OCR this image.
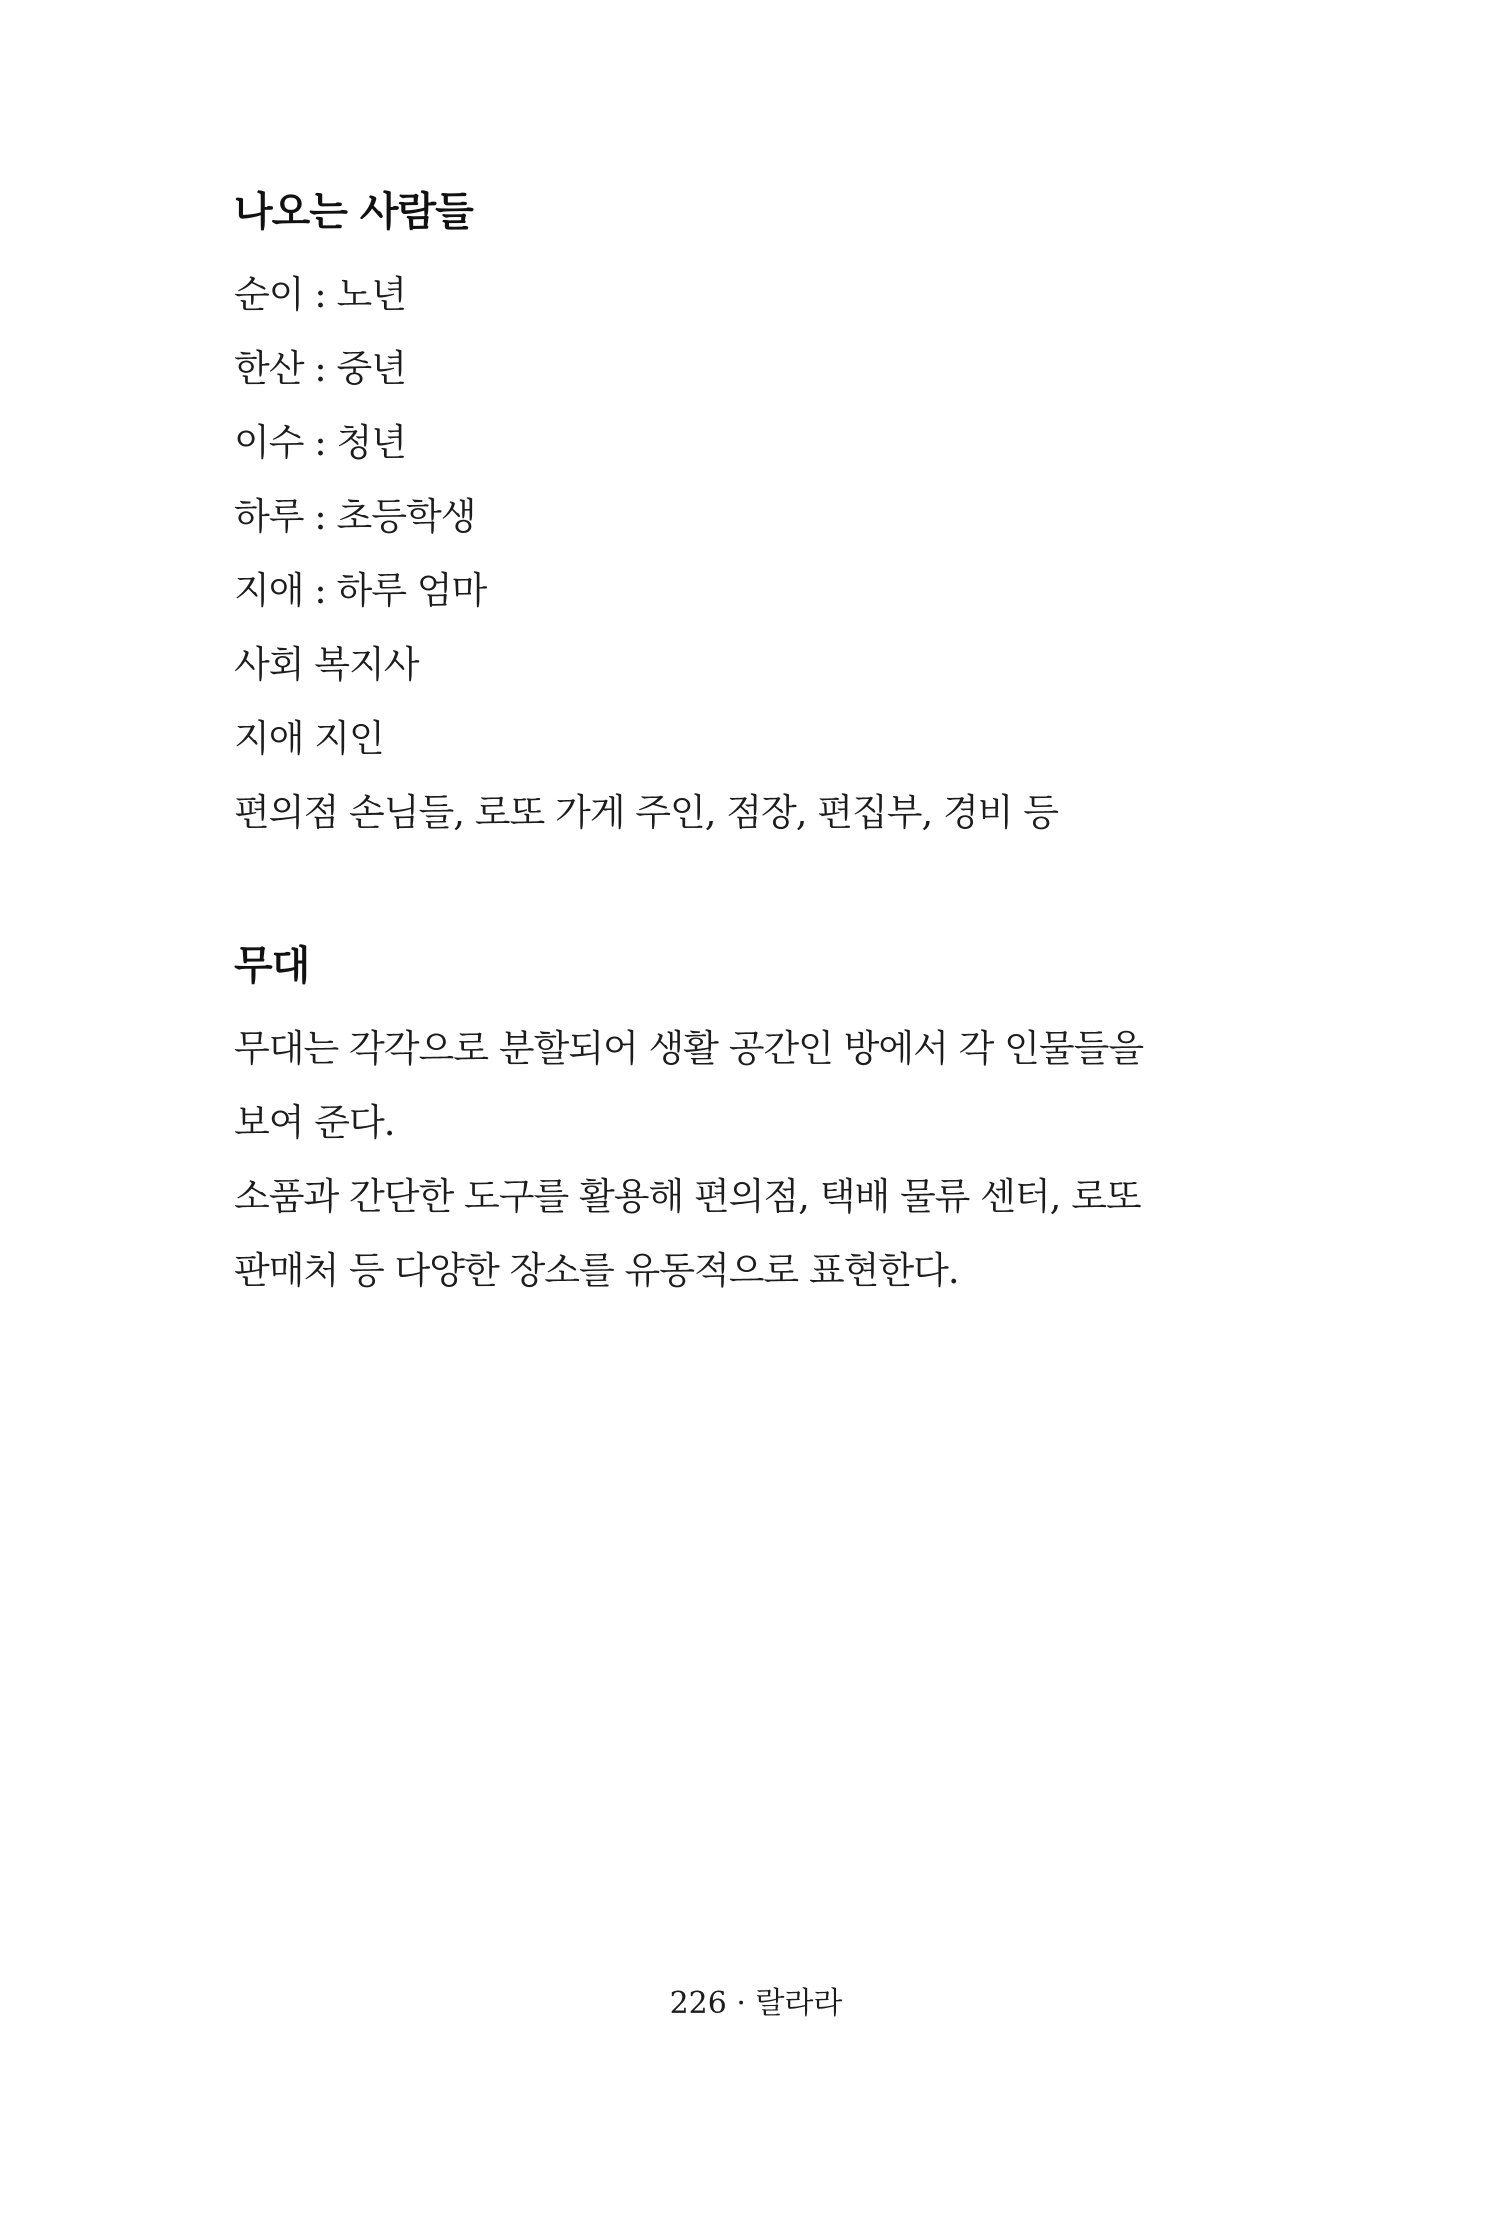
나오는 사람들

순이 : 노년

한산 : 중년

이수 : 청년

하루 : 초등학생

지애 : 하루 엄마

사회 복지사

지애 지인

편의점 손님들, 로또 가게 주인, 점장, 편집부, 경비 등

무대

무대는 각각으로 분할되어 생활 공간인 방에서 각 인물들을

보여 준다.

소품과 간단한 도구를 활용해 편의점, 택배 물류 센터, 로또

판매처 등 다양한 장소를 유동적으로 표현한다.

226 · 랄라라
